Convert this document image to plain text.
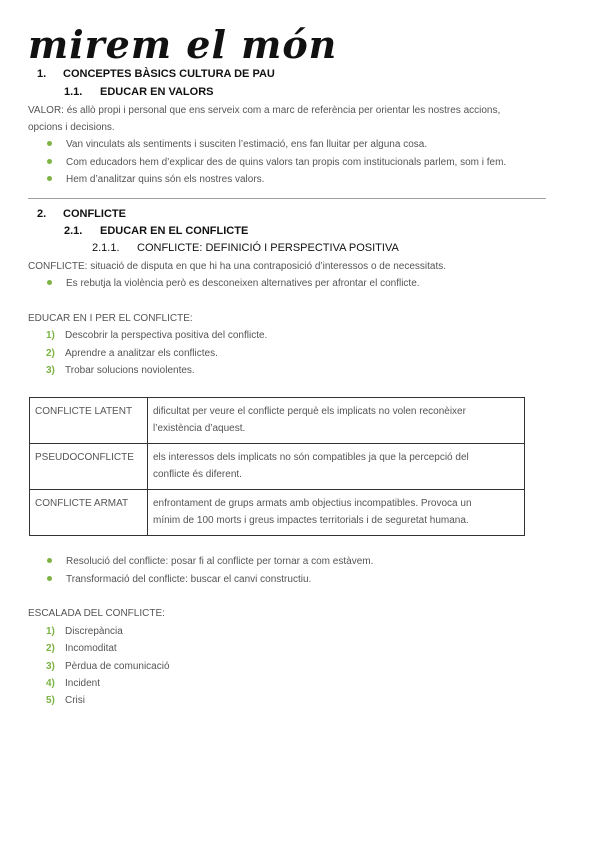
mirem el món
1. CONCEPTES BÀSICS CULTURA DE PAU
1.1. EDUCAR EN VALORS
VALOR: és allò propi i personal que ens serveix com a marc de referència per orientar les nostres accions,
opcions i decisions.
Van vinculats als sentiments i susciten l’estimació, ens fan lluitar per alguna cosa.
Com educadors hem d’explicar des de quins valors tan propis com institucionals parlem, som i fem.
Hem d’analitzar quins són els nostres valors.
2. CONFLICTE
2.1. EDUCAR EN EL CONFLICTE
2.1.1. CONFLICTE: DEFINICIÓ I PERSPECTIVA POSITIVA
CONFLICTE: situació de disputa en que hi ha una contraposició d’interessos o de necessitats.
Es rebutja la violència però es desconeixen alternatives per afrontar el conflicte.
EDUCAR EN I PER EL CONFLICTE:
1) Descobrir la perspectiva positiva del conflicte.
2) Aprendre a analitzar els conflictes.
3) Trobar solucions noviolentes.
CONFLICTE LATENT	dificultat per veure el conflicte perquè els implicats no volen reconèixer
l’existència d’aquest.
PSEUDOCONFLICTE	els interessos dels implicats no són compatibles ja que la percepció del
conflicte és diferent.
CONFLICTE ARMAT	enfrontament de grups armats amb objectius incompatibles. Provoca un
mínim de 100 morts i greus impactes territorials i de seguretat humana.
Resolució del conflicte: posar fi al conflicte per tornar a com estàvem.
Transformació del conflicte: buscar el canvi constructiu.
ESCALADA DEL CONFLICTE:
1) Discrepància
2) Incomoditat
3) Pèrdua de comunicació
4) Incident
5) Crisi
